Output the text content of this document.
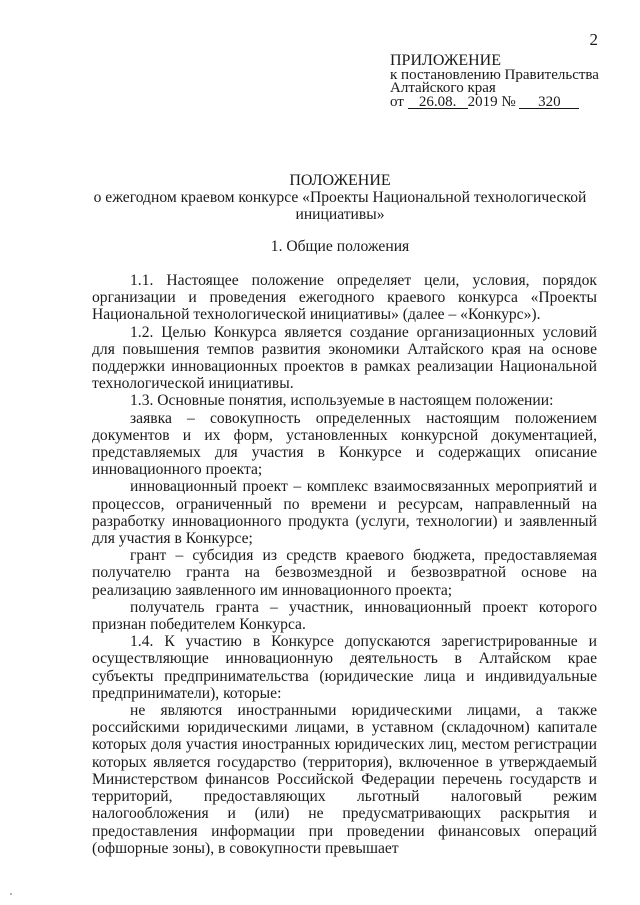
2
ПРИЛОЖЕНИЕ
к постановлению Правительства
Алтайского края
от 26.08. 2019 № 320
ПОЛОЖЕНИЕ
о ежегодном краевом конкурсе «Проекты Национальной технологической инициативы»
1. Общие положения

1.1. Настоящее положение определяет цели, условия, порядок организации и проведения ежегодного краевого конкурса «Проекты Национальной технологической инициативы» (далее – «Конкурс»).

1.2. Целью Конкурса является создание организационных условий для повышения темпов развития экономики Алтайского края на основе поддержки инновационных проектов в рамках реализации Национальной технологической инициативы.

1.3. Основные понятия, используемые в настоящем положении:

заявка – совокупность определенных настоящим положением документов и их форм, установленных конкурсной документацией, представляемых для участия в Конкурсе и содержащих описание инновационного проекта;

инновационный проект – комплекс взаимосвязанных мероприятий и процессов, ограниченный по времени и ресурсам, направленный на разработку инновационного продукта (услуги, технологии) и заявленный для участия в Конкурсе;

грант – субсидия из средств краевого бюджета, предоставляемая получателю гранта на безвозмездной и безвозвратной основе на реализацию заявленного им инновационного проекта;

получатель гранта – участник, инновационный проект которого признан победителем Конкурса.

1.4. К участию в Конкурсе допускаются зарегистрированные и осуществляющие инновационную деятельность в Алтайском крае субъекты предпринимательства (юридические лица и индивидуальные предприниматели), которые:

не являются иностранными юридическими лицами, а также российскими юридическими лицами, в уставном (складочном) капитале которых доля участия иностранных юридических лиц, местом регистрации которых является государство (территория), включенное в утверждаемый Министерством финансов Российской Федерации перечень государств и территорий, предоставляющих льготный налоговый режим налогообложения и (или) не предусматривающих раскрытия и предоставления информации при проведении финансовых операций (офшорные зоны), в совокупности превышает
